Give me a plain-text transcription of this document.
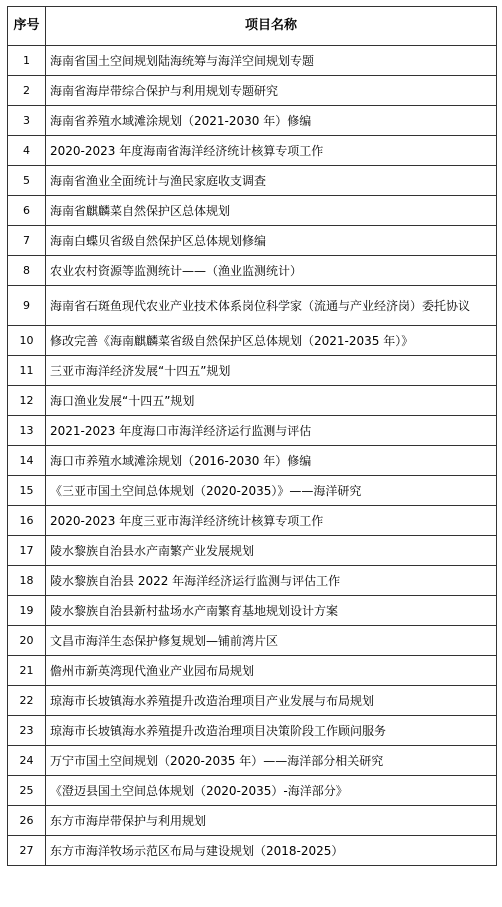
序号	项目名称
1	海南省国土空间规划陆海统筹与海洋空间规划专题
2	海南省海岸带综合保护与利用规划专题研究
3	海南省养殖水域滩涂规划（2021-2030 年）修编
4	2020-2023 年度海南省海洋经济统计核算专项工作
5	海南省渔业全面统计与渔民家庭收支调查
6	海南省麒麟菜自然保护区总体规划
7	海南白蝶贝省级自然保护区总体规划修编
8	农业农村资源等监测统计——（渔业监测统计）
9	海南省石斑鱼现代农业产业技术体系岗位科学家（流通与产业经济岗）委托协议
10	修改完善《海南麒麟菜省级自然保护区总体规划（2021-2035 年）》
11	三亚市海洋经济发展“十四五”规划
12	海口渔业发展“十四五”规划
13	2021-2023 年度海口市海洋经济运行监测与评估
14	海口市养殖水域滩涂规划（2016-2030 年）修编
15	《三亚市国土空间总体规划（2020-2035）》——海洋研究
16	2020-2023 年度三亚市海洋经济统计核算专项工作
17	陵水黎族自治县水产南繁产业发展规划
18	陵水黎族自治县 2022 年海洋经济运行监测与评估工作
19	陵水黎族自治县新村盐场水产南繁育基地规划设计方案
20	文昌市海洋生态保护修复规划—铺前湾片区
21	儋州市新英湾现代渔业产业园布局规划
22	琼海市长坡镇海水养殖提升改造治理项目产业发展与布局规划
23	琼海市长坡镇海水养殖提升改造治理项目决策阶段工作顾问服务
24	万宁市国土空间规划（2020-2035 年）——海洋部分相关研究
25	《澄迈县国土空间总体规划（2020-2035）-海洋部分》
26	东方市海岸带保护与利用规划
27	东方市海洋牧场示范区布局与建设规划（2018-2025）
